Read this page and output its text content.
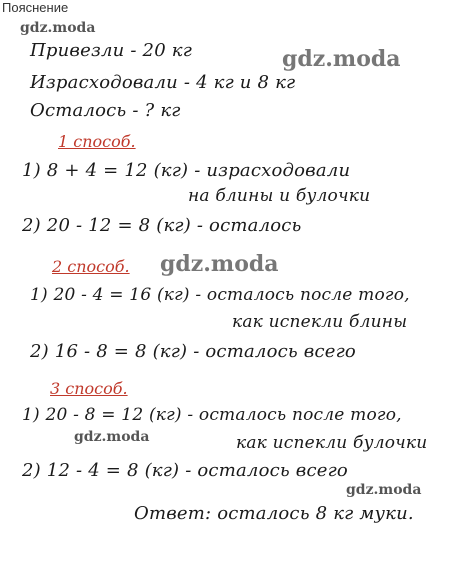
Пояснение
gdz.moda
gdz.moda
Привезли - 20 кг
Израсходовали - 4 кг и 8 кг
Осталось - ? кг
1 способ.
1) 8 + 4 = 12 (кг) - израсходовали
на блины и булочки
2) 20 - 12 = 8 (кг) - осталось
2 способ. gdz.moda
1) 20 - 4 = 16 (кг) - осталось после того,
как испекли блины
2) 16 - 8 = 8 (кг) - осталось всего
3 способ.
1) 20 - 8 = 12 (кг) - осталось после того,
gdz.moda	как испекли булочки
2) 12 - 4 = 8 (кг) - осталось всего
gdz.moda
Ответ: осталось 8 кг муки.
